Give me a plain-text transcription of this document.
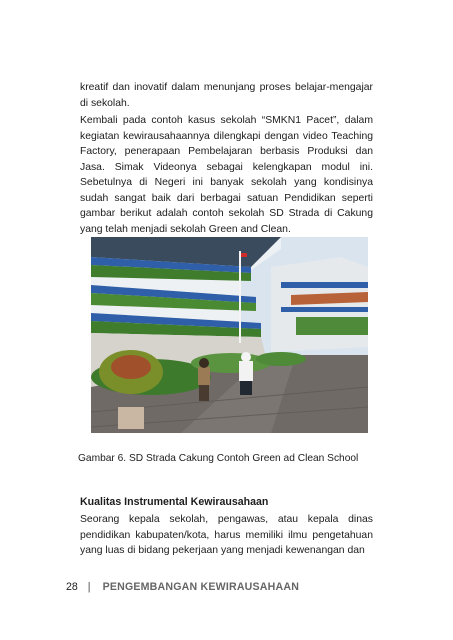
kreatif dan inovatif dalam menunjang proses belajar-mengajar di sekolah.

Kembali pada contoh kasus sekolah “SMKN1 Pacet”, dalam kegiatan kewirausahaannya dilengkapi dengan video Teaching Factory, penerapaan Pembelajaran berbasis Produksi dan Jasa. Simak Videonya sebagai kelengkapan modul ini. Sebetulnya di Negeri ini banyak sekolah yang kondisinya sudah sangat baik dari berbagai satuan Pendidikan seperti gambar berikut adalah contoh sekolah SD Strada di Cakung yang telah menjadi sekolah Green and Clean.

Gambar 6. SD Strada Cakung Contoh Green ad Clean School

Kualitas Instrumental Kewirausahaan

Seorang kepala sekolah, pengawas, atau kepala dinas pendidikan kabupaten/kota, harus memiliki ilmu pengetahuan yang luas di bidang pekerjaan yang menjadi kewenangan dan

28 | PENGEMBANGAN KEWIRAUSAHAAN
